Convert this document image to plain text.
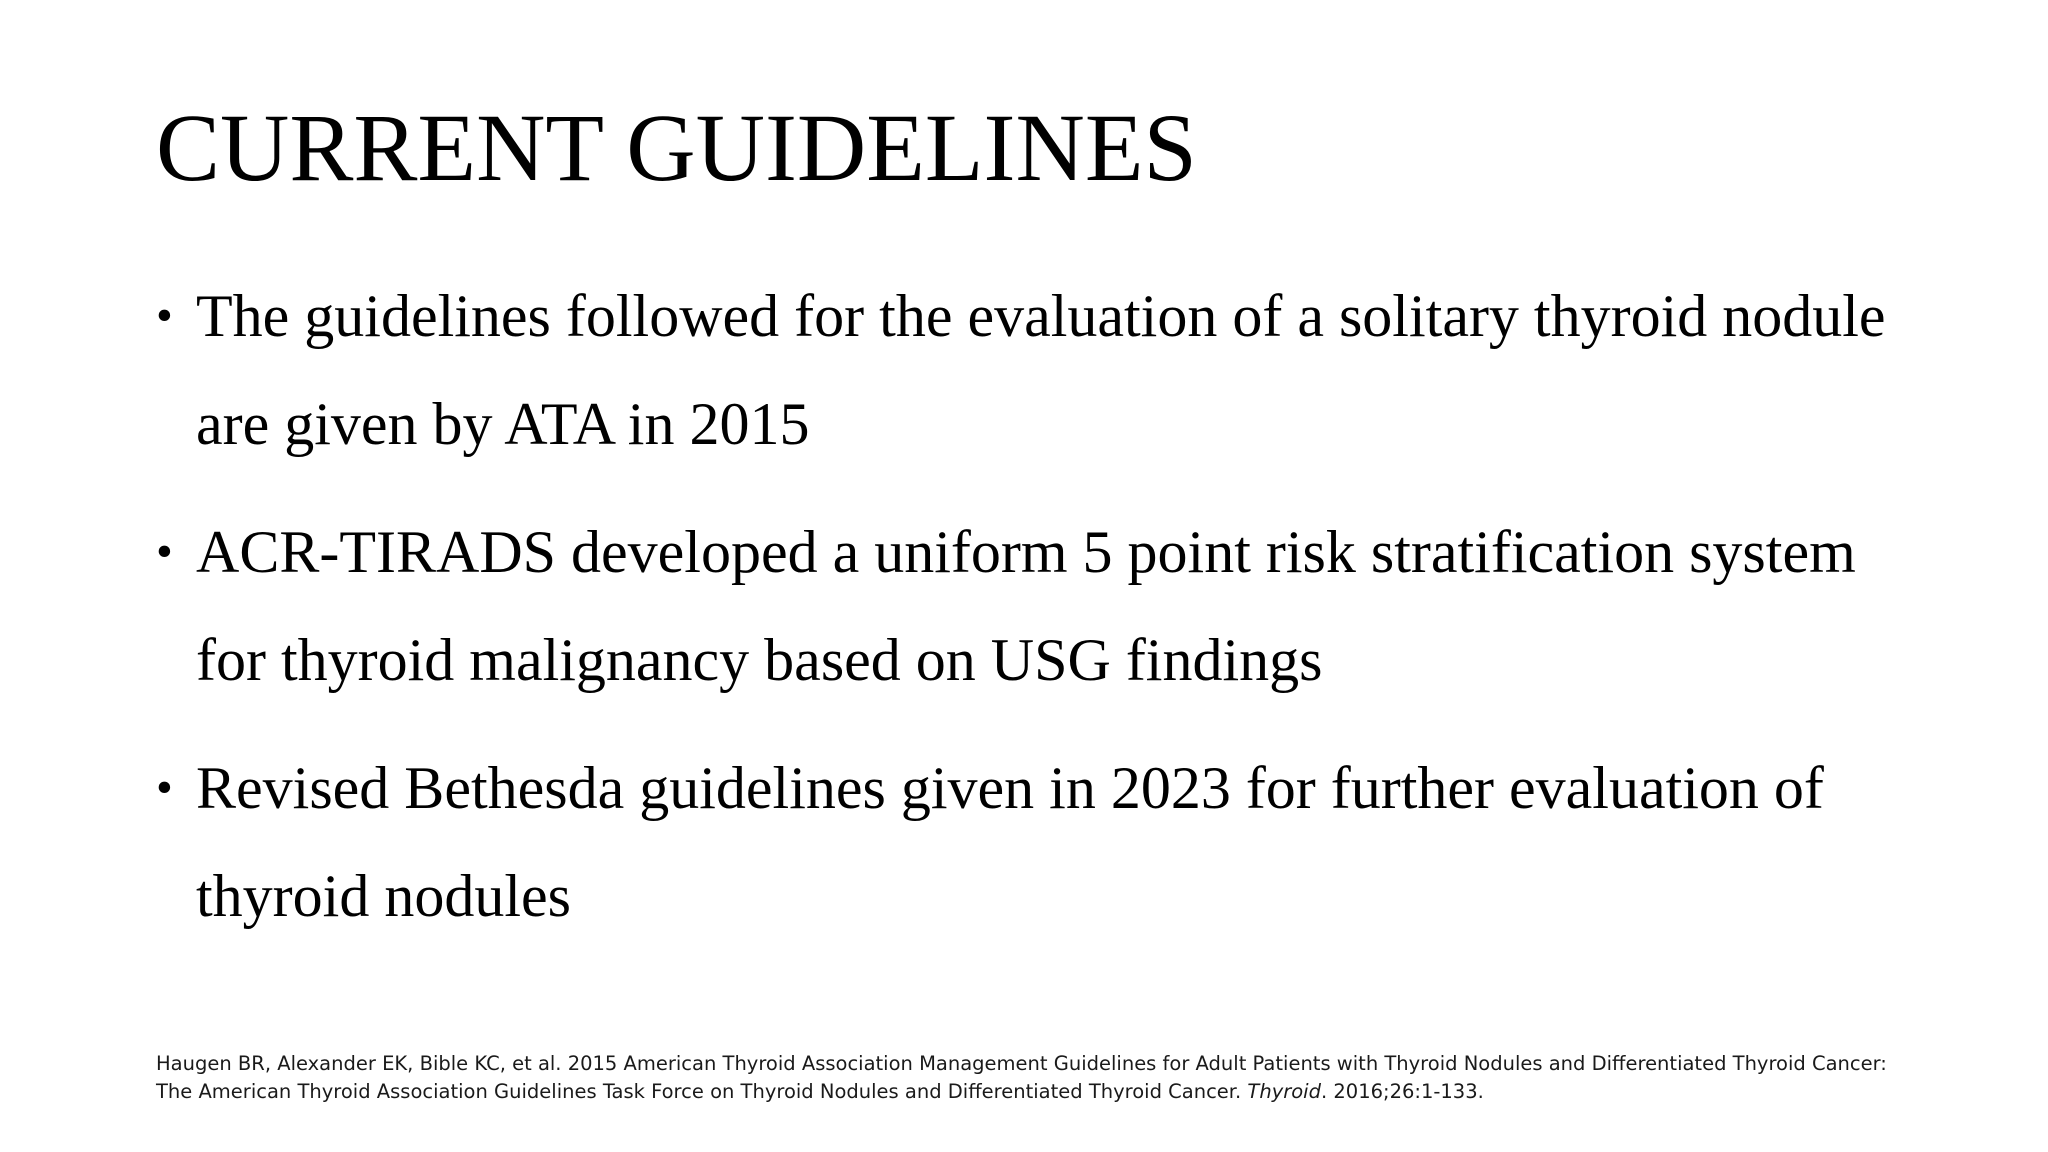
CURRENT GUIDELINES
• The guidelines followed for the evaluation of a solitary thyroid nodule are given by ATA in 2015
• ACR-TIRADS developed a uniform 5 point risk stratification system for thyroid malignancy based on USG findings
• Revised Bethesda guidelines given in 2023 for further evaluation of thyroid nodules

Haugen BR, Alexander EK, Bible KC, et al. 2015 American Thyroid Association Management Guidelines for Adult Patients with Thyroid Nodules and Differentiated Thyroid Cancer: The American Thyroid Association Guidelines Task Force on Thyroid Nodules and Differentiated Thyroid Cancer. Thyroid. 2016;26:1-133.
